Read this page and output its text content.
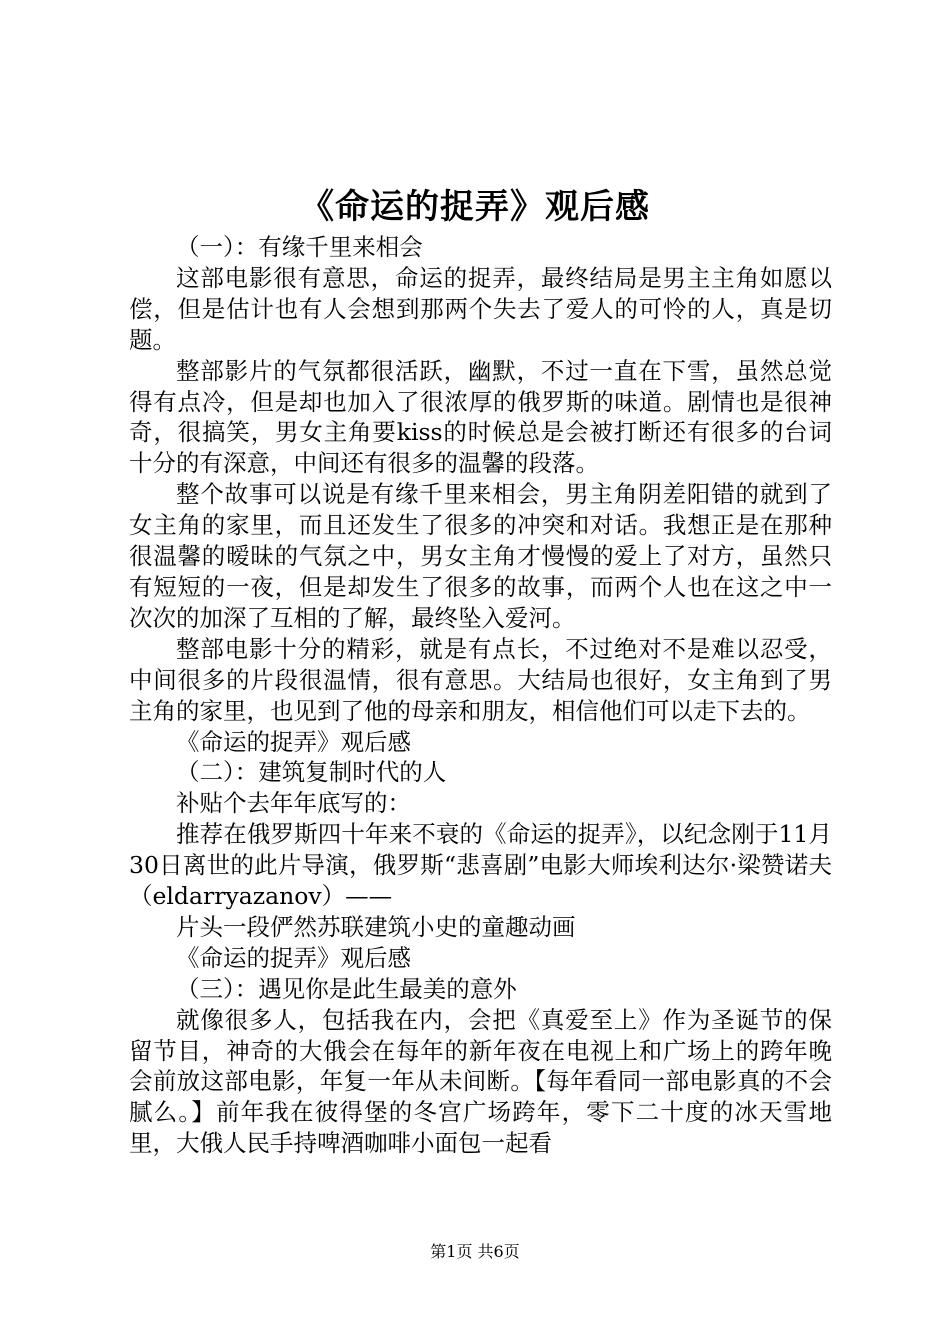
《命运的捉弄》观后感

（一）：有缘千里来相会

这部电影很有意思，命运的捉弄，最终结局是男主主角如愿以偿，但是估计也有人会想到那两个失去了爱人的可怜的人，真是切题。

整部影片的气氛都很活跃，幽默，不过一直在下雪，虽然总觉得有点冷，但是却也加入了很浓厚的俄罗斯的味道。剧情也是很神奇，很搞笑，男女主角要kiss的时候总是会被打断还有很多的台词十分的有深意，中间还有很多的温馨的段落。

整个故事可以说是有缘千里来相会，男主角阴差阳错的就到了女主角的家里，而且还发生了很多的冲突和对话。我想正是在那种很温馨的暧昧的气氛之中，男女主角才慢慢的爱上了对方，虽然只有短短的一夜，但是却发生了很多的故事，而两个人也在这之中一次次的加深了互相的了解，最终坠入爱河。

整部电影十分的精彩，就是有点长，不过绝对不是难以忍受，中间很多的片段很温情，很有意思。大结局也很好，女主角到了男主角的家里，也见到了他的母亲和朋友，相信他们可以走下去的。

《命运的捉弄》观后感

（二）：建筑复制时代的人

补贴个去年年底写的：

推荐在俄罗斯四十年来不衰的《命运的捉弄》，以纪念刚于11月30日离世的此片导演，俄罗斯“悲喜剧”电影大师埃利达尔·梁赞诺夫（eldarryazanov）——

片头一段俨然苏联建筑小史的童趣动画

《命运的捉弄》观后感

（三）：遇见你是此生最美的意外

就像很多人，包括我在内，会把《真爱至上》作为圣诞节的保留节目，神奇的大俄会在每年的新年夜在电视上和广场上的跨年晚会前放这部电影，年复一年从未间断。【每年看同一部电影真的不会腻么。】前年我在彼得堡的冬宫广场跨年，零下二十度的冰天雪地里，大俄人民手持啤酒咖啡小面包一起看

第1页 共6页
